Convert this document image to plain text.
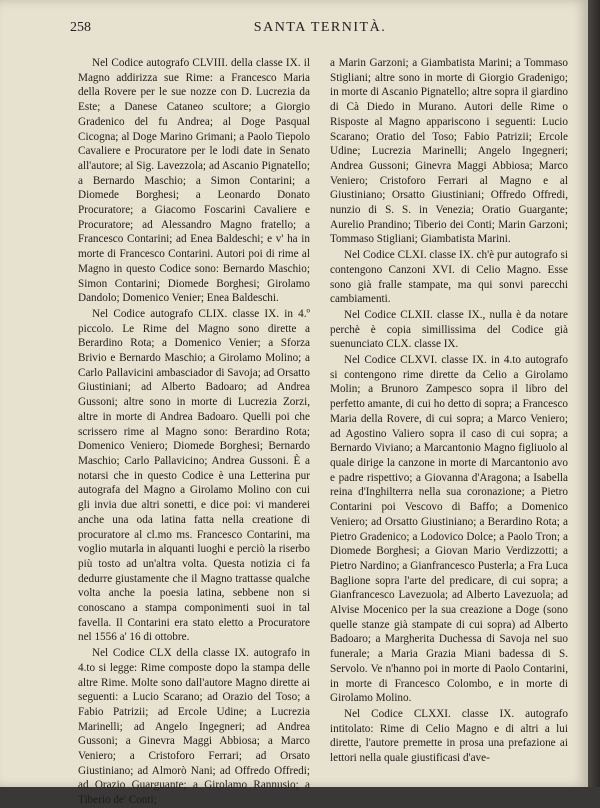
258	SANTA TERNITÀ.

Nel Codice autografo CLVIII. della classe IX. il Magno addirizza sue Rime: a Francesco Maria della Rovere per le sue nozze con D. Lucrezia da Este; a Danese Cataneo scultore; a Giorgio Gradenico del fu Andrea; al Doge Pasqual Cicogna; al Doge Marino Grimani; a Paolo Tiepolo Cavaliere e Procuratore per le lodi date in Senato all'autore; al Sig. Lavezzola; ad Ascanio Pignatello; a Bernardo Maschio; a Simon Contarini; a Diomede Borghesi; a Leonardo Donato Procuratore; a Giacomo Foscarini Cavaliere e Procuratore; ad Alessandro Magno fratello; a Francesco Contarini; ad Enea Baldeschi; e v' ha in morte di Francesco Contarini. Autori poi di rime al Magno in questo Codice sono: Bernardo Maschio; Simon Contarini; Diomede Borghesi; Girolamo Dandolo; Domenico Venier; Enea Baldeschi.

Nel Codice autografo CLIX. classe IX. in 4.º piccolo. Le Rime del Magno sono dirette a Berardino Rota; a Domenico Venier; a Sforza Brivio e Bernardo Maschio; a Girolamo Molino; a Carlo Pallavicini ambasciador di Savoja; ad Orsatto Giustiniani; ad Alberto Badoaro; ad Andrea Gussoni; altre sono in morte di Lucrezia Zorzi, altre in morte di Andrea Badoaro. Quelli poi che scrissero rime al Magno sono: Berardino Rota; Domenico Veniero; Diomede Borghesi; Bernardo Maschio; Carlo Pallavicino; Andrea Gussoni. È a notarsi che in questo Codice è una Letterina pur autografa del Magno a Girolamo Molino con cui gli invia due altri sonetti, e dice poi: vi manderei anche una oda latina fatta nella creatione di procuratore al cl.mo ms. Francesco Contarini, ma voglio mutarla in alquanti luoghi e perciò la riserbo più tosto ad un'altra volta. Questa notizia ci fa dedurre giustamente che il Magno trattasse qualche volta anche la poesia latina, sebbene non si conoscano a stampa componimenti suoi in tal favella. Il Contarini era stato eletto a Procuratore nel 1556 a' 16 di ottobre.

Nel Codice CLX della classe IX. autografo in 4.to si legge: Rime composte dopo la stampa delle altre Rime. Molte sono dall'autore Magno dirette ai seguenti: a Lucio Scarano; ad Orazio del Toso; a Fabio Patrizii; ad Ercole Udine; a Lucrezia Marinelli; ad Angelo Ingegneri; ad Andrea Gussoni; a Ginevra Maggi Abbiosa; a Marco Veniero; a Cristoforo Ferrari; ad Orsato Giustiniano; ad Almorò Nani; ad Offredo Offredi; ad Orazio Guarguante; a Girolamo Rannusio; a Tiberio de' Conti;

a Marin Garzoni; a Giambatista Marini; a Tommaso Stigliani; altre sono in morte di Giorgio Gradenigo; in morte di Ascanio Pignatello; altre sopra il giardino di Cà Diedo in Murano. Autori delle Rime o Risposte al Magno appariscono i seguenti: Lucio Scarano; Oratio del Toso; Fabio Patrizii; Ercole Udine; Lucrezia Marinelli; Angelo Ingegneri; Andrea Gussoni; Ginevra Maggi Abbiosa; Marco Veniero; Cristoforo Ferrari al Magno e al Giustiniano; Orsatto Giustiniani; Offredo Offredi, nunzio di S. S. in Venezia; Oratio Guargante; Aurelio Prandino; Tiberio dei Conti; Marin Garzoni; Tommaso Stigliani; Giambatista Marini.

Nel Codice CLXI. classe IX. ch'è pur autografo si contengono Canzoni XVI. di Celio Magno. Esse sono già fralle stampate, ma qui sonvi parecchi cambiamenti.

Nel Codice CLXII. classe IX., nulla è da notare perchè è copia simillissima del Codice già suenunciato CLX. classe IX.

Nel Codice CLXVI. classe IX. in 4.to autografo si contengono rime dirette da Celio a Girolamo Molin; a Brunoro Zampesco sopra il libro del perfetto amante, di cui ho detto di sopra; a Francesco Maria della Rovere, di cui sopra; a Marco Veniero; ad Agostino Valiero sopra il caso di cui sopra; a Bernardo Viviano; a Marcantonio Magno figliuolo al quale dirige la canzone in morte di Marcantonio avo e padre rispettivo; a Giovanna d'Aragona; a Isabella reina d'Inghilterra nella sua coronazione; a Pietro Contarini poi Vescovo di Baffo; a Domenico Veniero; ad Orsatto Giustiniano; a Berardino Rota; a Pietro Gradenico; a Lodovico Dolce; a Paolo Tron; a Diomede Borghesi; a Giovan Mario Verdizzotti; a Pietro Nardino; a Gianfrancesco Pusterla; a Fra Luca Baglione sopra l'arte del predicare, di cui sopra; a Gianfrancesco Lavezuola; ad Alberto Lavezuola; ad Alvise Mocenico per la sua creazione a Doge (sono quelle stanze già stampate di cui sopra) ad Alberto Badoaro; a Margherita Duchessa di Savoja nel suo funerale; a Maria Grazia Miani badessa di S. Servolo. Ve n'hanno poi in morte di Paolo Contarini, in morte di Francesco Colombo, e in morte di Girolamo Molino.

Nel Codice CLXXI. classe IX. autografo intitolato: Rime di Celio Magno e di altri a lui dirette, l'autore premette in prosa una prefazione ai lettori nella quale giustificasi d'ave-
